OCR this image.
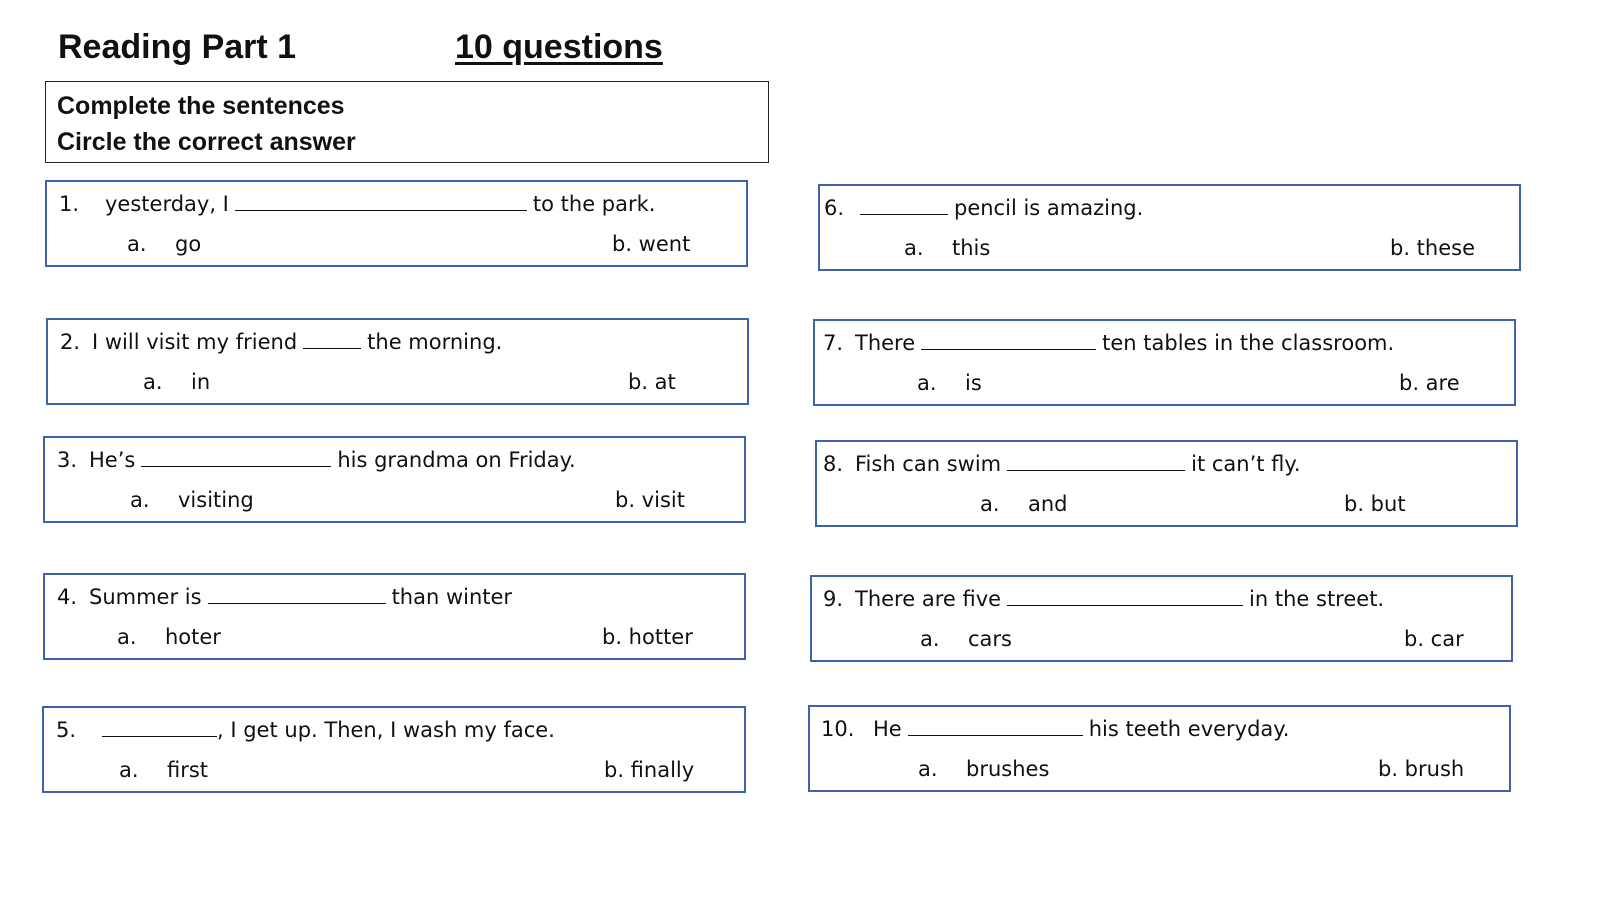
Reading Part 1	10 questions
Complete the sentences
Circle the correct answer
1. yesterday, I	to the park.
a. go	b. went
2. I will visit my friend	the morning.
a. in	b. at
3. He’s	his grandma on Friday.
a. visiting	b. visit
4. Summer is	than winter
a. hoter	b. hotter
5.	, I get up. Then, I wash my face.
a. first	b. finally
6.	pencil is amazing.
a. this	b. these
7. There	ten tables in the classroom.
a. is	b. are
8. Fish can swim	it can’t fly.
a. and	b. but
9. There are five	in the street.
a. cars	b. car
10. He	his teeth everyday.
a. brushes	b. brush
